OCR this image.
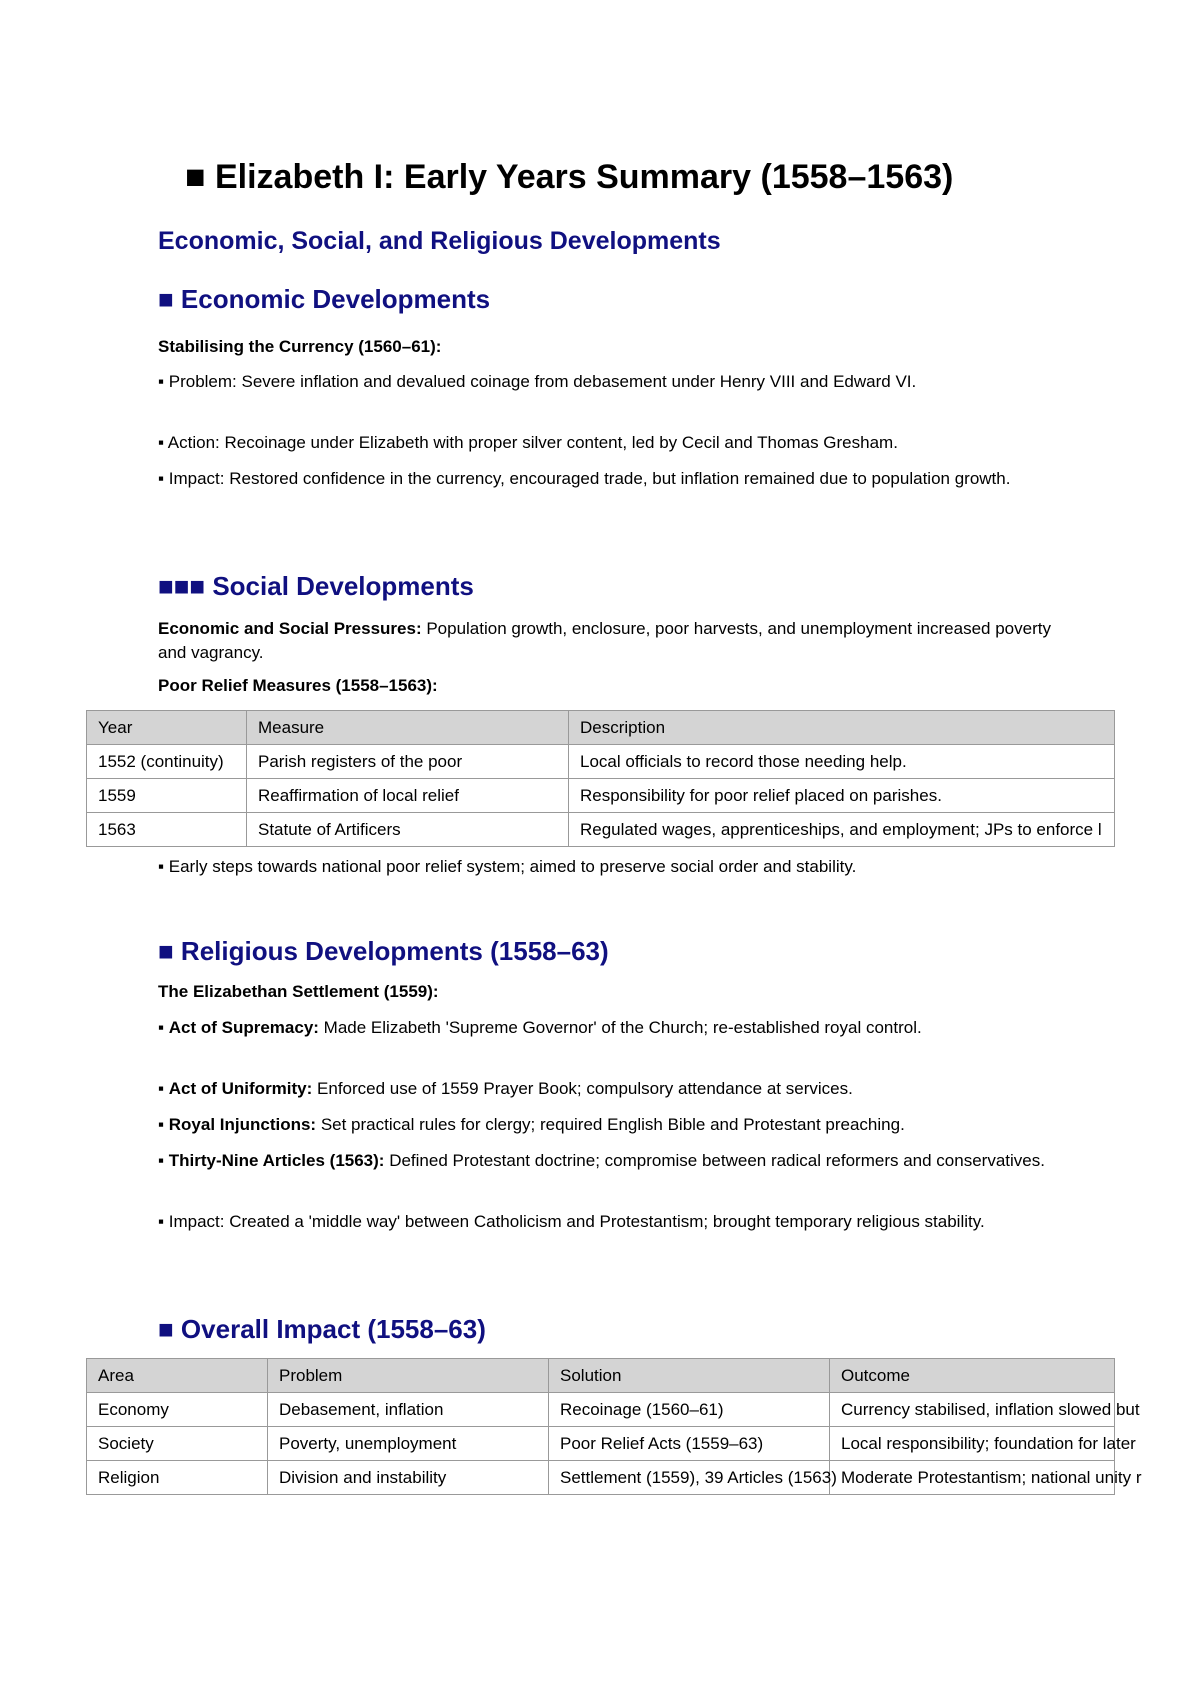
■ Elizabeth I: Early Years Summary (1558–1563)
Economic, Social, and Religious Developments
■ Economic Developments
Stabilising the Currency (1560–61):
▪ Problem: Severe inflation and devalued coinage from debasement under Henry VIII and Edward VI.
▪ Action: Recoinage under Elizabeth with proper silver content, led by Cecil and Thomas Gresham.
▪ Impact: Restored confidence in the currency, encouraged trade, but inflation remained due to population growth.
■■■ Social Developments
Economic and Social Pressures: Population growth, enclosure, poor harvests, and unemployment increased poverty and vagrancy.
Poor Relief Measures (1558–1563):
Year	Measure	Description
1552 (continuity)	Parish registers of the poor	Local officials to record those needing help.
1559	Reaffirmation of local relief	Responsibility for poor relief placed on parishes.
1563	Statute of Artificers	Regulated wages, apprenticeships, and employment; JPs to enforce l
▪ Early steps towards national poor relief system; aimed to preserve social order and stability.
■ Religious Developments (1558–63)
The Elizabethan Settlement (1559):
▪ Act of Supremacy: Made Elizabeth 'Supreme Governor' of the Church; re-established royal control.
▪ Act of Uniformity: Enforced use of 1559 Prayer Book; compulsory attendance at services.
▪ Royal Injunctions: Set practical rules for clergy; required English Bible and Protestant preaching.
▪ Thirty-Nine Articles (1563): Defined Protestant doctrine; compromise between radical reformers and conservatives.
▪ Impact: Created a 'middle way' between Catholicism and Protestantism; brought temporary religious stability.
■ Overall Impact (1558–63)
Area	Problem	Solution	Outcome
Economy	Debasement, inflation	Recoinage (1560–61)	Currency stabilised, inflation slowed but
Society	Poverty, unemployment	Poor Relief Acts (1559–63)	Local responsibility; foundation for later
Religion	Division and instability	Settlement (1559), 39 Articles (1563)	Moderate Protestantism; national unity r
